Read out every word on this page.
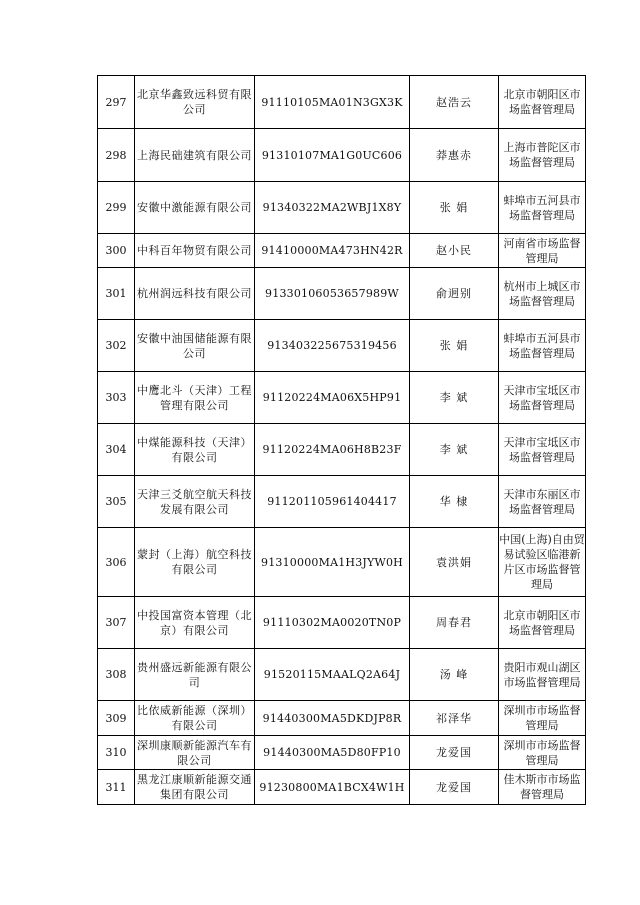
297	北京华鑫致远科贸有限公司	91110105MA01N3GX3K	赵浩云	北京市朝阳区市场监督管理局
298	上海民础建筑有限公司	91310107MA1G0UC606	莽惠赤	上海市普陀区市场监督管理局
299	安徽中激能源有限公司	91340322MA2WBJ1X8Y	张 娟	蚌埠市五河县市场监督管理局
300	中科百年物贸有限公司	91410000MA473HN42R	赵小民	河南省市场监督管理局
301	杭州润远科技有限公司	91330106053657989W	俞迥别	杭州市上城区市场监督管理局
302	安徽中油国储能源有限公司	913403225675319456	张 娟	蚌埠市五河县市场监督管理局
303	中鹰北斗（天津）工程管理有限公司	91120224MA06X5HP91	李 斌	天津市宝坻区市场监督管理局
304	中煤能源科技（天津）有限公司	91120224MA06H8B23F	李 斌	天津市宝坻区市场监督管理局
305	天津三爻航空航天科技发展有限公司	911201105961404417	华 棣	天津市东丽区市场监督管理局
306	蒙封（上海）航空科技有限公司	91310000MA1H3JYW0H	袁洪娟	中国(上海)自由贸易试验区临港新片区市场监督管理局
307	中投国富资本管理（北京）有限公司	91110302MA0020TN0P	周春君	北京市朝阳区市场监督管理局
308	贵州盛远新能源有限公司	91520115MAALQ2A64J	汤 峰	贵阳市观山湖区市场监督管理局
309	比依威新能源（深圳）有限公司	91440300MA5DKDJP8R	祁泽华	深圳市市场监督管理局
310	深圳康顺新能源汽车有限公司	91440300MA5D80FP10	龙爱国	深圳市市场监督管理局
311	黑龙江康顺新能源交通集团有限公司	91230800MA1BCX4W1H	龙爱国	佳木斯市市场监督管理局
